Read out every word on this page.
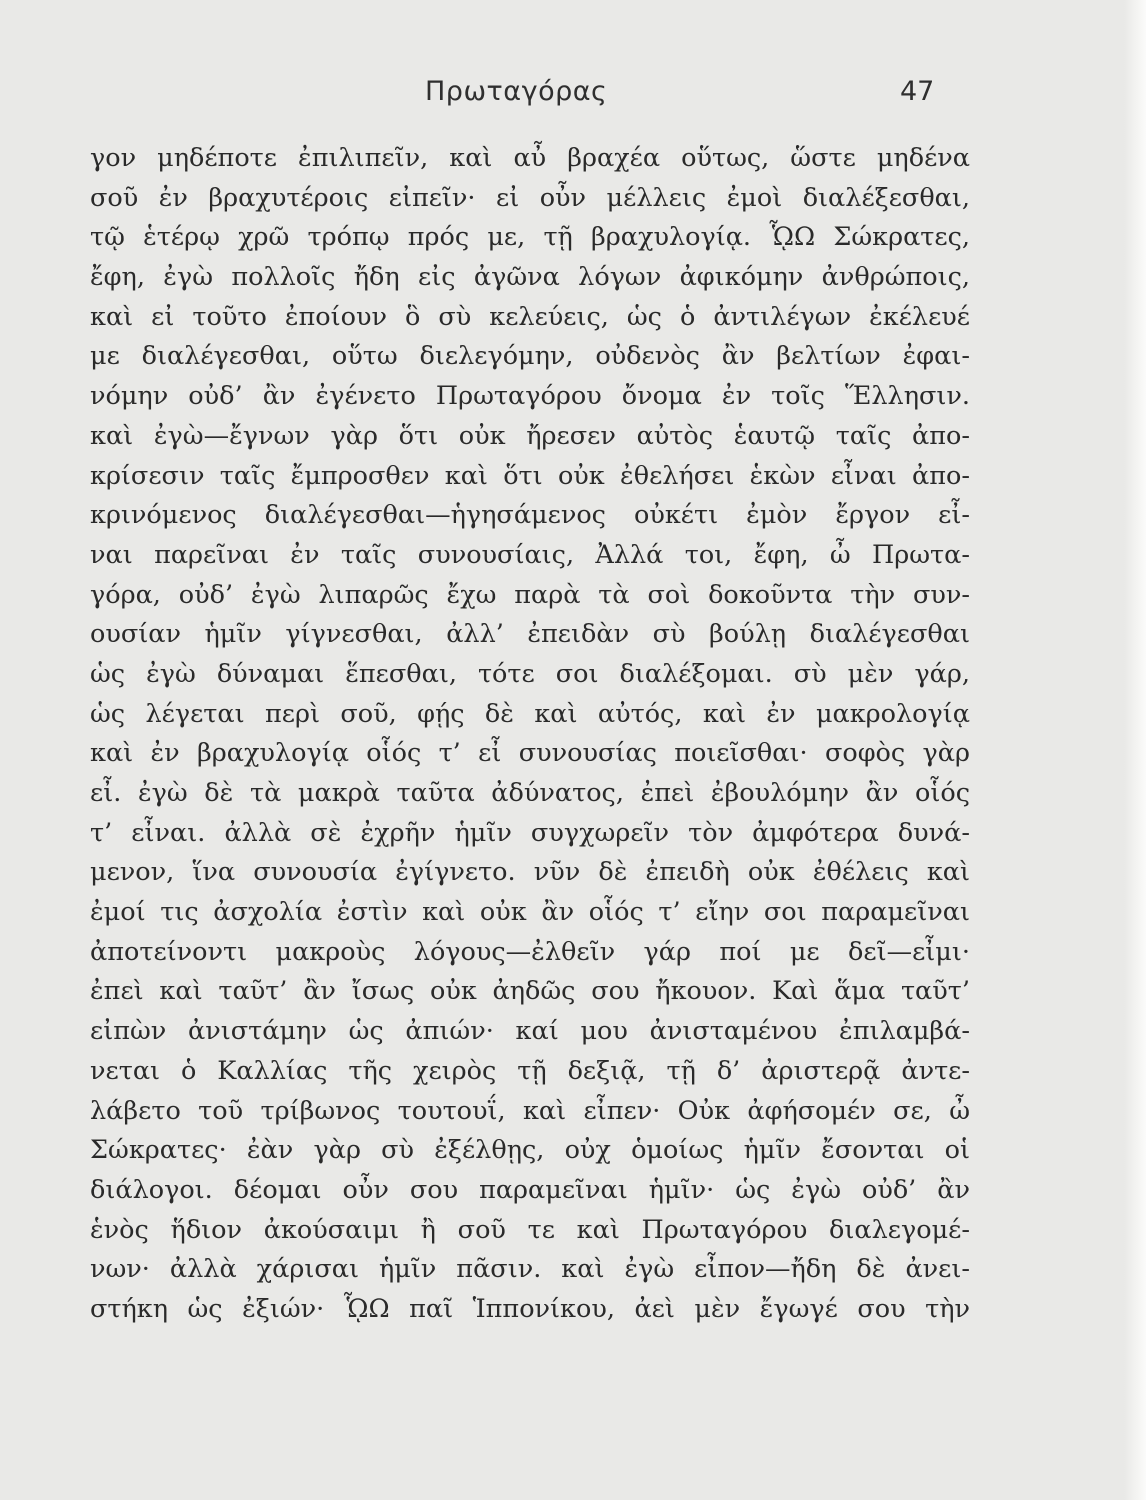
Πρωταγόρας	47
γον μηδέποτε ἐπιλιπεῖν, καὶ αὖ βραχέα οὕτως, ὥστε μηδένα
σοῦ ἐν βραχυτέροις εἰπεῖν· εἰ οὖν μέλλεις ἐμοὶ διαλέξεσθαι,
τῷ ἑτέρῳ χρῶ τρόπῳ πρός με, τῇ βραχυλογίᾳ. ᾯΩ Σώκρατες,
ἔφη, ἐγὼ πολλοῖς ἤδη εἰς ἀγῶνα λόγων ἀφικόμην ἀνθρώποις,
καὶ εἰ τοῦτο ἐποίουν ὃ σὺ κελεύεις, ὡς ὁ ἀντιλέγων ἐκέλευέ
με διαλέγεσθαι, οὕτω διελεγόμην, οὐδενὸς ἂν βελτίων ἐφαι-
νόμην οὐδ’ ἂν ἐγένετο Πρωταγόρου ὄνομα ἐν τοῖς Ἕλλησιν.
καὶ ἐγὼ—ἔγνων γὰρ ὅτι οὐκ ἤρεσεν αὐτὸς ἑαυτῷ ταῖς ἀπο-
κρίσεσιν ταῖς ἔμπροσθεν καὶ ὅτι οὐκ ἐθελήσει ἑκὼν εἶναι ἀπο-
κρινόμενος διαλέγεσθαι—ἡγησάμενος οὐκέτι ἐμὸν ἔργον εἶ-
ναι παρεῖναι ἐν ταῖς συνουσίαις, Ἀλλά τοι, ἔφη, ὦ Πρωτα-
γόρα, οὐδ’ ἐγὼ λιπαρῶς ἔχω παρὰ τὰ σοὶ δοκοῦντα τὴν συν-
ουσίαν ἡμῖν γίγνεσθαι, ἀλλ’ ἐπειδὰν σὺ βούλῃ διαλέγεσθαι
ὡς ἐγὼ δύναμαι ἕπεσθαι, τότε σοι διαλέξομαι. σὺ μὲν γάρ,
ὡς λέγεται περὶ σοῦ, φῄς δὲ καὶ αὐτός, καὶ ἐν μακρολογίᾳ
καὶ ἐν βραχυλογίᾳ οἷός τ’ εἶ συνουσίας ποιεῖσθαι· σοφὸς γὰρ
εἶ. ἐγὼ δὲ τὰ μακρὰ ταῦτα ἀδύνατος, ἐπεὶ ἐβουλόμην ἂν οἷός
τ’ εἶναι. ἀλλὰ σὲ ἐχρῆν ἡμῖν συγχωρεῖν τὸν ἀμφότερα δυνά-
μενον, ἵνα συνουσία ἐγίγνετο. νῦν δὲ ἐπειδὴ οὐκ ἐθέλεις καὶ
ἐμοί τις ἀσχολία ἐστὶν καὶ οὐκ ἂν οἷός τ’ εἴην σοι παραμεῖναι
ἀποτείνοντι μακροὺς λόγους—ἐλθεῖν γάρ ποί με δεῖ—εἶμι·
ἐπεὶ καὶ ταῦτ’ ἂν ἴσως οὐκ ἀηδῶς σου ἤκουον. Καὶ ἅμα ταῦτ’
εἰπὼν ἀνιστάμην ὡς ἀπιών· καί μου ἀνισταμένου ἐπιλαμβά-
νεται ὁ Καλλίας τῆς χειρὸς τῇ δεξιᾷ, τῇ δ’ ἀριστερᾷ ἀντε-
λάβετο τοῦ τρίβωνος τουτουΐ, καὶ εἶπεν· Οὐκ ἀφήσομέν σε, ὦ
Σώκρατες· ἐὰν γὰρ σὺ ἐξέλθῃς, οὐχ ὁμοίως ἡμῖν ἔσονται οἱ
διάλογοι. δέομαι οὖν σου παραμεῖναι ἡμῖν· ὡς ἐγὼ οὐδ’ ἂν
ἑνὸς ἥδιον ἀκούσαιμι ἢ σοῦ τε καὶ Πρωταγόρου διαλεγομέ-
νων· ἀλλὰ χάρισαι ἡμῖν πᾶσιν. καὶ ἐγὼ εἶπον—ἤδη δὲ ἀνει-
στήκη ὡς ἐξιών· ᾯΩ παῖ Ἱππονίκου, ἀεὶ μὲν ἔγωγέ σου τὴν
